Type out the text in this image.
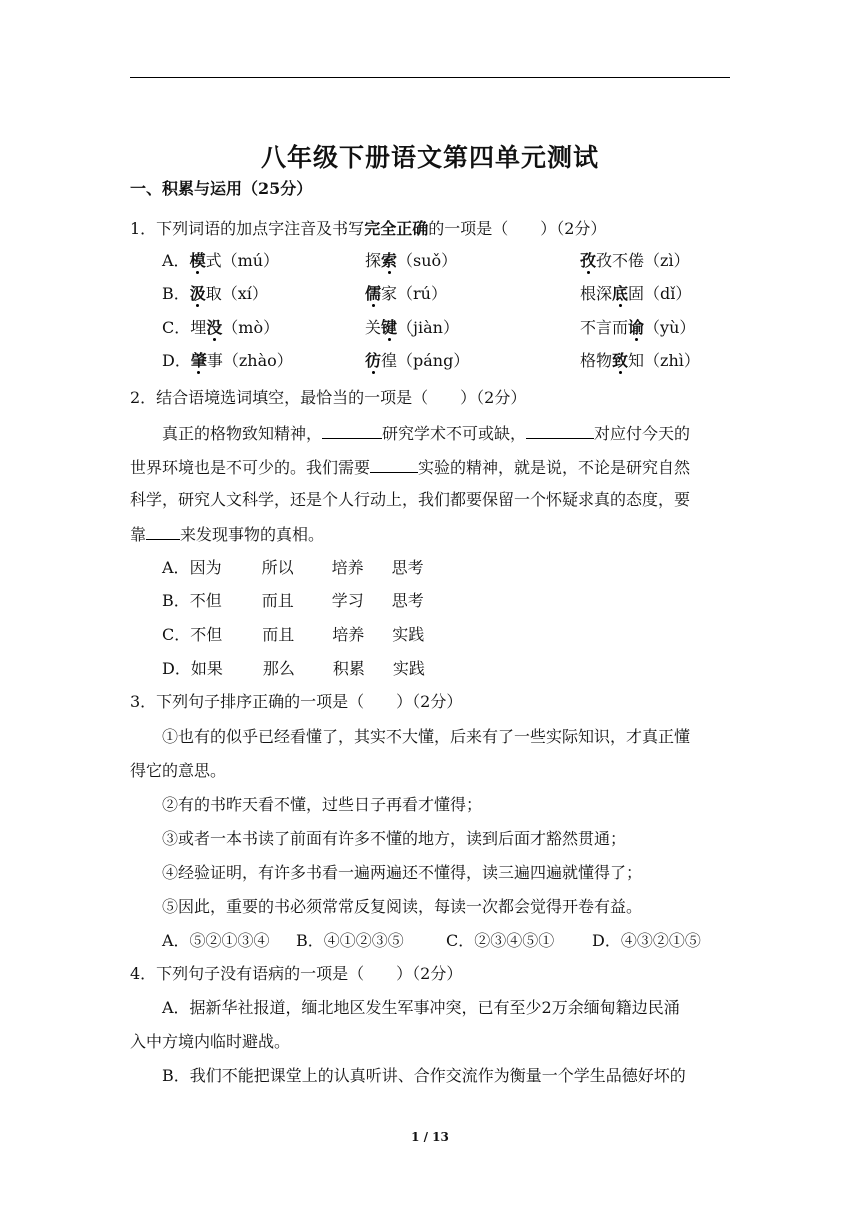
八年级下册语文第四单元测试
一、积累与运用（25分）
1．下列词语的加点字注音及书写完全正确的一项是（　　）（2分）
A．模式（mú）	探索（suǒ）	孜孜不倦（zì）
B．汲取（xí）	儒家（rú）	根深底固（dǐ）
C．埋没（mò）	关键（jiàn）	不言而谕（yù）
D．肇事（zhào）	彷徨（páng）	格物致知（zhì）
2．结合语境选词填空，最恰当的一项是（　　）（2分）
真正的格物致知精神，	研究学术不可或缺，	对应付今天的
世界环境也是不可少的。我们需要	实验的精神，就是说，不论是研究自然
科学，研究人文科学，还是个人行动上，我们都要保留一个怀疑求真的态度，要
靠 来发现事物的真相。
A．因为 所以 培养 思考
B．不但 而且 学习 思考
C．不但 而且 培养 实践
D．如果 那么 积累 实践
3．下列句子排序正确的一项是（　　）（2分）
①也有的似乎已经看懂了，其实不大懂，后来有了一些实际知识，才真正懂
得它的意思。
②有的书昨天看不懂，过些日子再看才懂得；
③或者一本书读了前面有许多不懂的地方，读到后面才豁然贯通；
④经验证明，有许多书看一遍两遍还不懂得，读三遍四遍就懂得了；
⑤因此，重要的书必须常常反复阅读，每读一次都会觉得开卷有益。
A．⑤②①③④ B．④①②③⑤	C．②③④⑤① D．④③②①⑤
4．下列句子没有语病的一项是（　　）（2分）
A．据新华社报道，缅北地区发生军事冲突，已有至少2万余缅甸籍边民涌
入中方境内临时避战。
B．我们不能把课堂上的认真听讲、合作交流作为衡量一个学生品德好坏的
1 / 13
